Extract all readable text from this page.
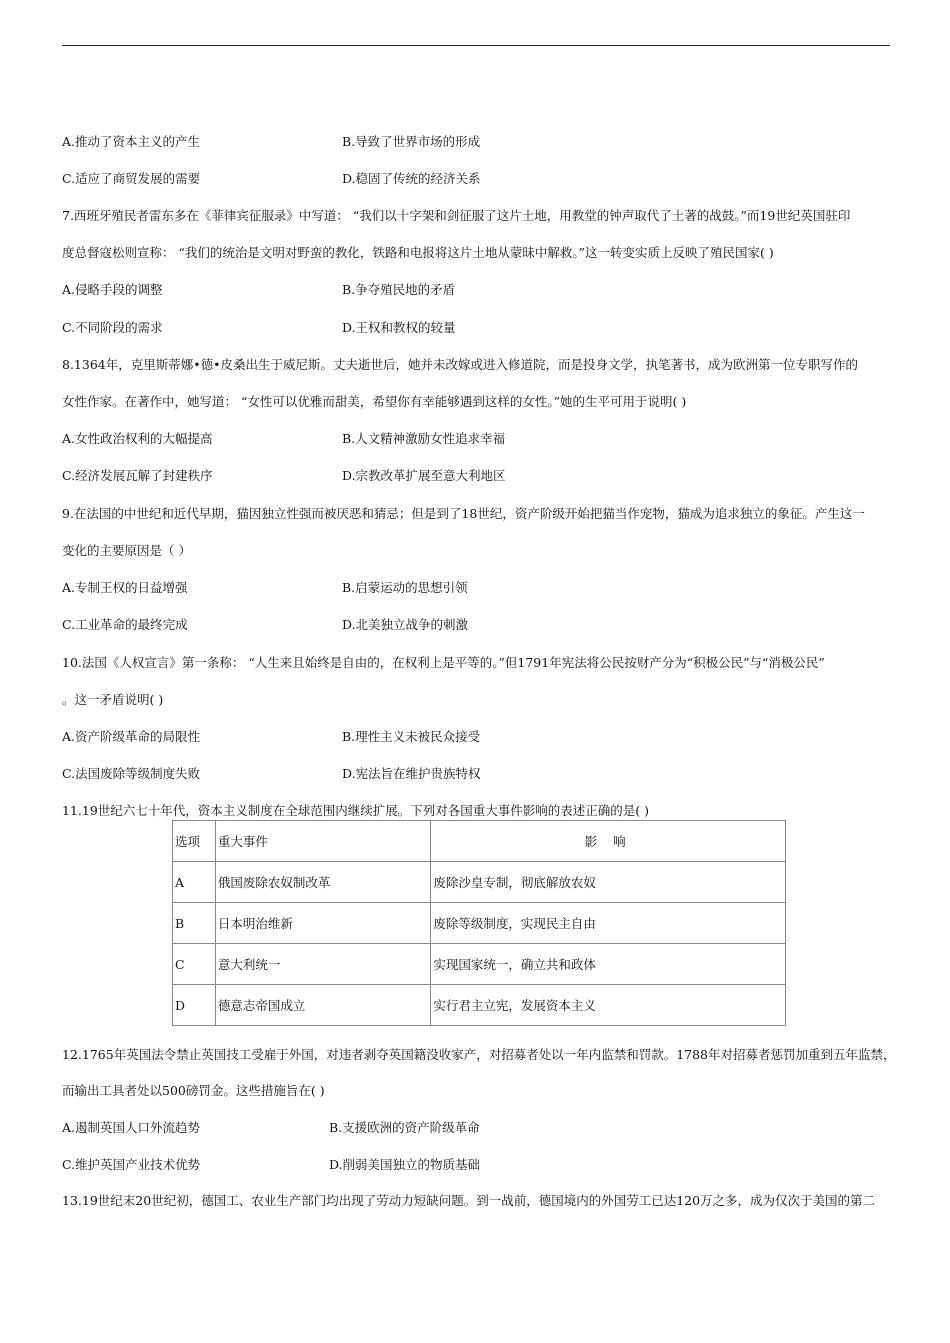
A.推动了资本主义的产生	B.导致了世界市场的形成
C.适应了商贸发展的需要	D.稳固了传统的经济关系
7.西班牙殖民者雷东多在《菲律宾征服录》中写道： “我们以十字架和剑征服了这片土地，用教堂的钟声取代了土著的战鼓。”而19世纪英国驻印
度总督寇松则宣称： “我们的统治是文明对野蛮的教化，铁路和电报将这片土地从蒙昧中解救。”这一转变实质上反映了殖民国家( )
A.侵略手段的调整	B.争夺殖民地的矛盾
C.不同阶段的需求	D.王权和教权的较量
8.1364年，克里斯蒂娜•德•皮桑出生于威尼斯。丈夫逝世后，她并未改嫁或进入修道院，而是投身文学，执笔著书，成为欧洲第一位专职写作的
女性作家。在著作中，她写道： “女性可以优雅而甜美，希望你有幸能够遇到这样的女性。”她的生平可用于说明( )
A.女性政治权利的大幅提高	B.人文精神激励女性追求幸福
C.经济发展瓦解了封建秩序	D.宗教改革扩展至意大利地区
9.在法国的中世纪和近代早期，猫因独立性强而被厌恶和猜忌；但是到了18世纪，资产阶级开始把猫当作宠物，猫成为追求独立的象征。产生这一
变化的主要原因是（ ）
A.专制王权的日益增强	B.启蒙运动的思想引领
C.工业革命的最终完成	D.北美独立战争的刺激
10.法国《人权宣言》第一条称： “人生来且始终是自由的，在权利上是平等的。”但1791年宪法将公民按财产分为“积极公民”与“消极公民”
。这一矛盾说明( )
A.资产阶级革命的局限性	B.理性主义未被民众接受
C.法国废除等级制度失败	D.宪法旨在维护贵族特权
11.19世纪六七十年代，资本主义制度在全球范围内继续扩展。下列对各国重大事件影响的表述正确的是( )
选项	重大事件	影 响
A	俄国废除农奴制改革	废除沙皇专制，彻底解放农奴
B	日本明治维新	废除等级制度，实现民主自由
C	意大利统一	实现国家统一，确立共和政体
D	德意志帝国成立	实行君主立宪，发展资本主义
12.1765年英国法令禁止英国技工受雇于外国，对违者剥夺英国籍没收家产，对招募者处以一年内监禁和罚款。1788年对招募者惩罚加重到五年监禁，
而输出工具者处以500磅罚金。这些措施旨在( )
A.遏制英国人口外流趋势	B.支援欧洲的资产阶级革命
C.维护英国产业技术优势	D.削弱美国独立的物质基础
13.19世纪末20世纪初，德国工、农业生产部门均出现了劳动力短缺问题。到一战前，德国境内的外国劳工已达120万之多，成为仅次于美国的第二
